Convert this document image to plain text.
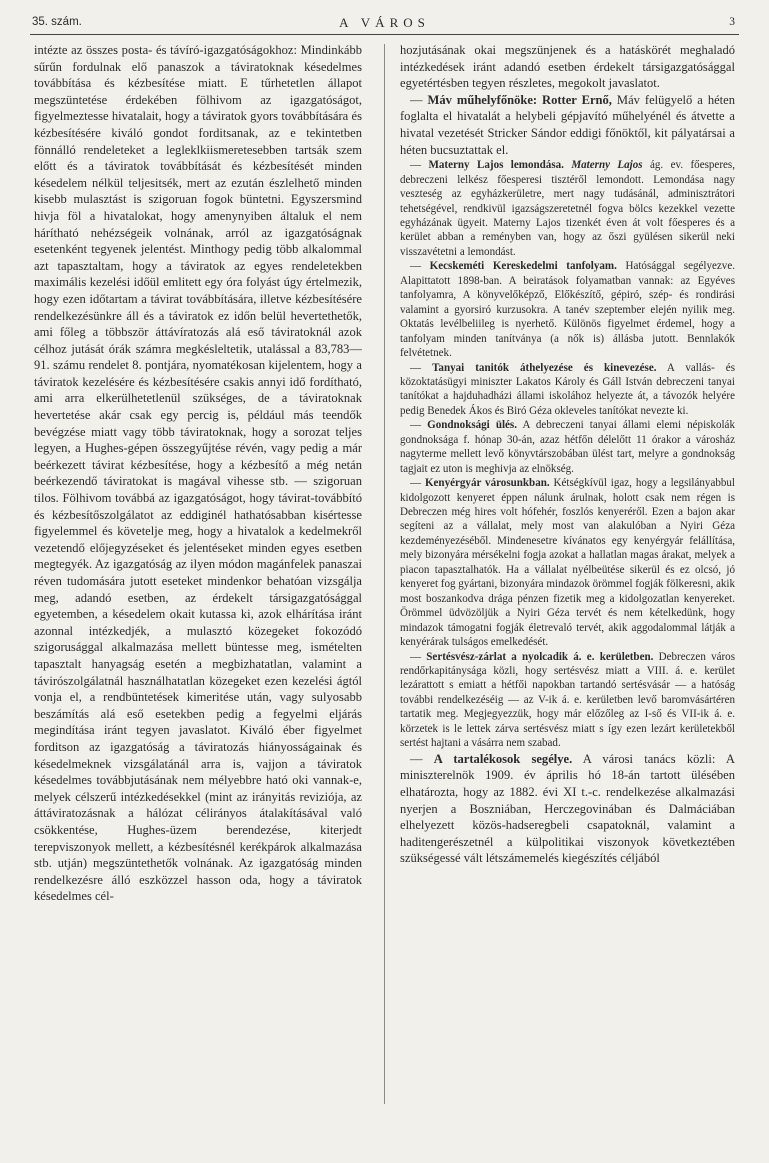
35. szám.	A VÁROS	3

intézte az összes posta- és távíró-igazgatóságokhoz: Mindinkább sűrűn fordulnak elő panaszok a táviratoknak késedelmes továbbítása és kézbesítése miatt. E tűrhetetlen állapot megszüntetése érdekében fölhivom az igazgatóságot, figyelmeztesse hivatalait, hogy a táviratok gyors továbbítására és kézbesítésére kiváló gondot forditsanak, az e tekintetben fönnálló rendeleteket a legleklkiismeretesebben tartsák szem előtt és a táviratok továbbítását és kézbesítését minden késedelem nélkül teljesitsék, mert az ezután észlelhető minden kisebb mulasztást is szigoruan fogok büntetni. Egyszersmind hivja föl a hivatalokat, hogy amenynyiben általuk el nem hárítható nehézségeik volnának, arról az igazgatóságnak esetenként tegyenek jelentést. Minthogy pedig több alkalommal azt tapasztaltam, hogy a táviratok az egyes rendeletekben maximális kezelési időül emlitett egy óra folyást úgy értelmezik, hogy ezen időtartam a távirat továbbítására, illetve kézbesítésére rendelkezésünkre áll és a táviratok ez időn belül hevertethetők, ami főleg a többször áttávíratozás alá eső táviratoknál azok célhoz jutását órák számra megkésleltetik, utalással a 83,783—91. számu rendelet 8. pontjára, nyomatékosan kijelentem, hogy a táviratok kezelésére és kézbesítésére csakis annyi idő fordítható, ami arra elkerülhetetlenül szükséges, de a táviratoknak hevertetése akár csak egy percig is, például más teendők bevégzése miatt vagy több táviratoknak, hogy a sorozat teljes legyen, a Hughes-gépen összegyűjtése révén, vagy pedig a már beérkezett távirat kézbesítése, hogy a kézbesítő a még netán beérkezendő táviratokat is magával vihesse stb. — szigoruan tilos. Fölhivom továbbá az igazgatóságot, hogy távirat-továbbító és kézbesítőszolgálatot az eddiginél hathatósabban kisértesse figyelemmel és követelje meg, hogy a hivatalok a kedelmekről vezetendő előjegyzéseket és jelentéseket minden egyes esetben megtegyék. Az igazgatóság az ilyen módon magánfelek panaszai réven tudomására jutott eseteket mindenkor behatóan vizsgálja meg, adandó esetben, az érdekelt társigazgatósággal egyetemben, a késedelem okait kutassa ki, azok elhárítása iránt azonnal intézkedjék, a mulasztó közegeket fokozódó szigorusággal alkalmazása mellett büntesse meg, ismételten tapasztalt hanyagság esetén a megbizhatatlan, valamint a távirószolgálatnál használhatatlan közegeket ezen kezelési ágtól vonja el, a rendbüntetések kimeritése után, vagy sulyosabb beszámítás alá eső esetekben pedig a fegyelmi eljárás megindítása iránt tegyen javaslatot. Kiváló éber figyelmet forditson az igazgatóság a táviratozás hiányosságainak és késedelmeknek vizsgálatánál arra is, vajjon a táviratok késedelmes továbbjutásának nem mélyebbre ható oki vannak-e, melyek célszerű intézkedésekkel (mint az irányitás reviziója, az áttáviratozásnak a hálózat célirányos átalakításával való csökkentése, Hughes-üzem berendezése, kiterjedt terepviszonyok mellett, a kézbesítésnél kerékpárok alkalmazása stb. utján) megszüntethetők volnának. Az igazgatóság minden rendelkezésre álló eszközzel hasson oda, hogy a táviratok késedelmes cél-

hozjutásának okai megszünjenek és a hatáskörét meghaladó intézkedések iránt adandó esetben érdekelt társigazgatósággal egyetértésben tegyen részletes, megokolt javaslatot.

— Máv műhelyfőnöke: Rotter Ernő, Máv felügyelő a héten foglalta el hivatalát a helybeli gépjavító műhelyénél és átvette a hivatal vezetését Stricker Sándor eddigi főnöktől, kit pályatársai a héten bucsuztattak el.

— Materny Lajos lemondása. Materny Lajos ág. ev. főesperes, debreczeni lelkész főesperesi tisztéről lemondott. Lemondása nagy veszteség az egyházkerületre, mert nagy tudásánál, adminisztrátori tehetségével, rendkivül igazságszeretetnél fogva bölcs kezekkel vezette egyházának ügyeit. Materny Lajos tizenkét éven át volt főesperes és a kerület abban a reményben van, hogy az őszi gyülésen sikerül neki visszavétetni a lemondást.

— Kecskeméti Kereskedelmi tanfolyam. Hatósággal segélyezve. Alapittatott 1898-ban. A beiratások folyamatban vannak: az Egyéves tanfolyamra, A könyvelőképző, Előkészítő, gépiró, szép- és rondirási valamint a gyorsiró kurzusokra. A tanév szeptember elején nyilik meg. Oktatás levélbeliileg is nyerhető. Különös figyelmet érdemel, hogy a tanfolyam minden tanítványa (a nők is) állásba jutott. Bennlakók felvétetnek.

— Tanyai tanitók áthelyezése és kinevezése. A vallás- és közoktatásügyi miniszter Lakatos Károly és Gáll István debreczeni tanyai tanítókat a hajduhadházi állami iskolához helyezte át, a távozók helyére pedig Benedek Ákos és Biró Géza okleveles tanítókat nevezte ki.

— Gondnoksági ülés. A debreczeni tanyai állami elemi népiskolák gondnoksága f. hónap 30-án, azaz hétfőn délelőtt 11 órakor a városház nagyterme mellett levő könyvtárszobában ülést tart, melyre a gondnokság tagjait ez uton is meghivja az elnökség.

— Kenyérgyár városunkban. Kétségkívül igaz, hogy a legsilányabbul kidolgozott kenyeret éppen nálunk árulnak, holott csak nem régen is Debreczen még hires volt hófehér, foszlós kenyeréről. Ezen a bajon akar segíteni az a vállalat, mely most van alakulóban a Nyiri Géza kezdeményezéséből. Mindenesetre kívánatos egy kenyérgyár felállítása, mely bizonyára mérsékelni fogja azokat a hallatlan magas árakat, melyek a piacon tapasztalhatók. Ha a vállalat nyélbeütése sikerül és ez olcsó, jó kenyeret fog gyártani, bizonyára mindazok örömmel fogják fölkeresni, akik most boszankodva drága pénzen fizetik meg a kidolgozatlan kenyereket. Örömmel üdvözöljük a Nyiri Géza tervét és nem kételkedünk, hogy mindazok támogatni fogják életrevaló tervét, akik aggodalommal látják a kenyérárak tulságos emelkedését.

— Sertésvész-zárlat a nyolcadik á. e. kerületben. Debreczen város rendőrkapitánysága közli, hogy sertésvész miatt a VIII. á. e. kerület lezárattott s emiatt a hétfői napokban tartandó sertésvásár — a hatóság további rendelkezéséig — az V-ik á. e. kerületben levő baromvásártéren tartatik meg. Megjegyezzük, hogy már előzőleg az I-ső és VII-ik á. e. körzetek is le lettek zárva sertésvész miatt s így ezen lezárt kerületekből sertést hajtani a vásárra nem szabad.

— A tartalékosok segélye. A városi tanács közli: A miniszterelnök 1909. év április hó 18-án tartott ülésében elhatározta, hogy az 1882. évi XI t.-c. rendelkezése alkalmazási nyerjen a Boszniában, Herczegovinában és Dalmáciában elhelyezett közös-hadseregbeli csapatoknál, valamint a haditengerészetnél a külpolitikai viszonyok következtében szükségessé vált létszámemelés kiegészítés céljából
